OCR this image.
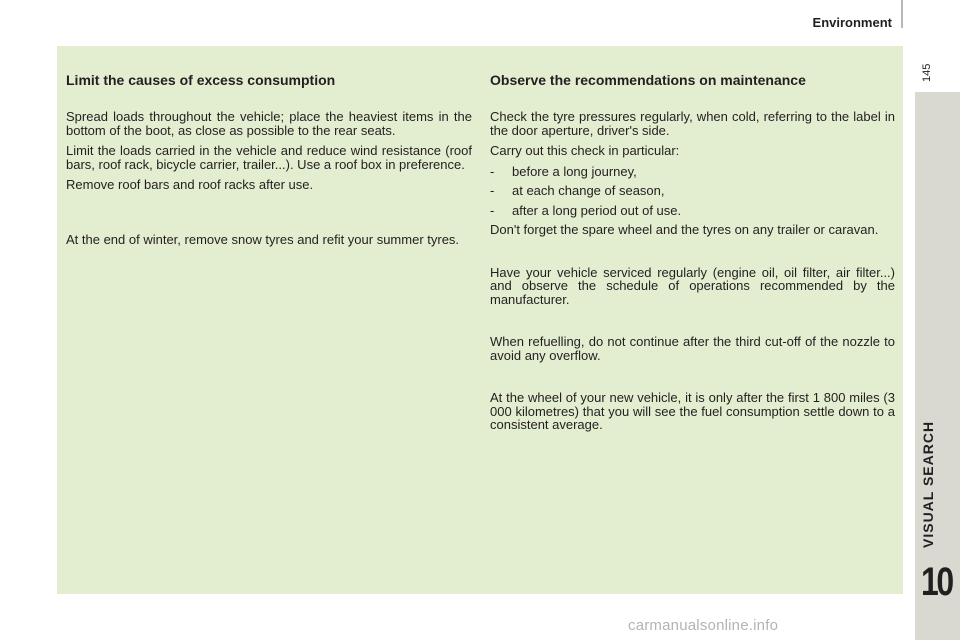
Environment
145
VISUAL SEARCH
10
Limit the causes of excess consumption

Spread loads throughout the vehicle; place the heaviest items in the bottom of the boot, as close as possible to the rear seats.

Limit the loads carried in the vehicle and reduce wind resistance (roof bars, roof rack, bicycle carrier, trailer...). Use a roof box in preference.

Remove roof bars and roof racks after use.

At the end of winter, remove snow tyres and refit your summer tyres.

Observe the recommendations on maintenance

Check the tyre pressures regularly, when cold, referring to the label in the door aperture, driver's side.

Carry out this check in particular:

-	before a long journey,
-	at each change of season,
-	after a long period out of use.

Don't forget the spare wheel and the tyres on any trailer or caravan.

Have your vehicle serviced regularly (engine oil, oil filter, air filter...) and observe the schedule of operations recommended by the manufacturer.

When refuelling, do not continue after the third cut-off of the nozzle to avoid any overflow.

At the wheel of your new vehicle, it is only after the first 1 800 miles (3 000 kilometres) that you will see the fuel consumption settle down to a consistent average.

carmanualsonline.info
